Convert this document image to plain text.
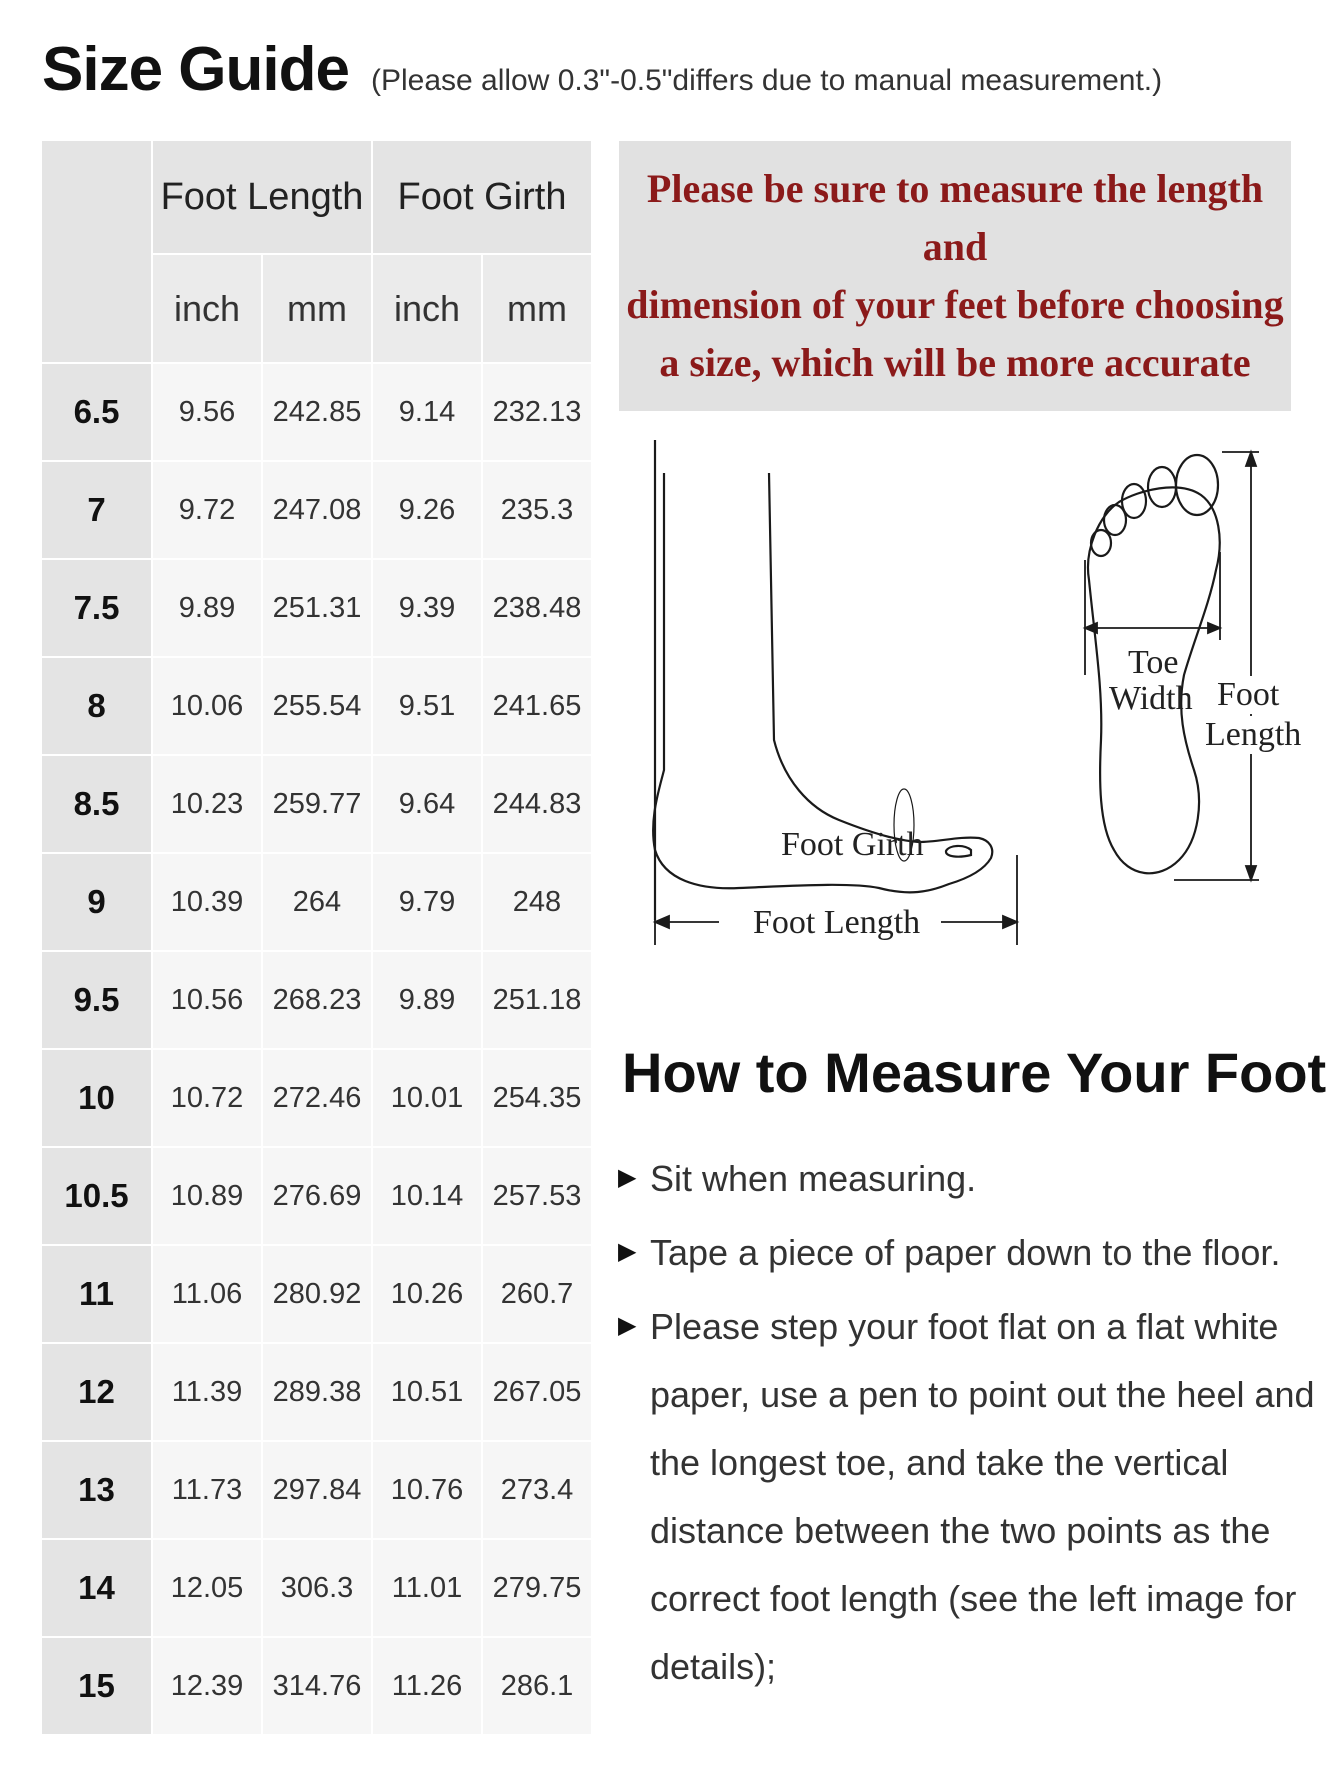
Size Guide (Please allow 0.3"-0.5"differs due to manual measurement.)
	Foot Length		Foot Girth	
	inch	mm	inch	mm
6.5	9.56	242.85	9.14	232.13
7	9.72	247.08	9.26	235.3
7.5	9.89	251.31	9.39	238.48
8	10.06	255.54	9.51	241.65
8.5	10.23	259.77	9.64	244.83
9	10.39	264	9.79	248
9.5	10.56	268.23	9.89	251.18
10	10.72	272.46	10.01	254.35
10.5	10.89	276.69	10.14	257.53
11	11.06	280.92	10.26	260.7
12	11.39	289.38	10.51	267.05
13	11.73	297.84	10.76	273.4
14	12.05	306.3	11.01	279.75
15	12.39	314.76	11.26	286.1
Please be sure to measure the length and
dimension of your feet before choosing
a size, which will be more accurate
Foot Girth
Foot Length
Toe
Width Foot
Length
How to Measure Your Foot
▶ Sit when measuring.
▶ Tape a piece of paper down to the floor.
▶ Please step your foot flat on a flat white paper, use a pen to point out the heel and the longest toe, and take the vertical distance between the two points as the correct foot length (see the left image for details);
